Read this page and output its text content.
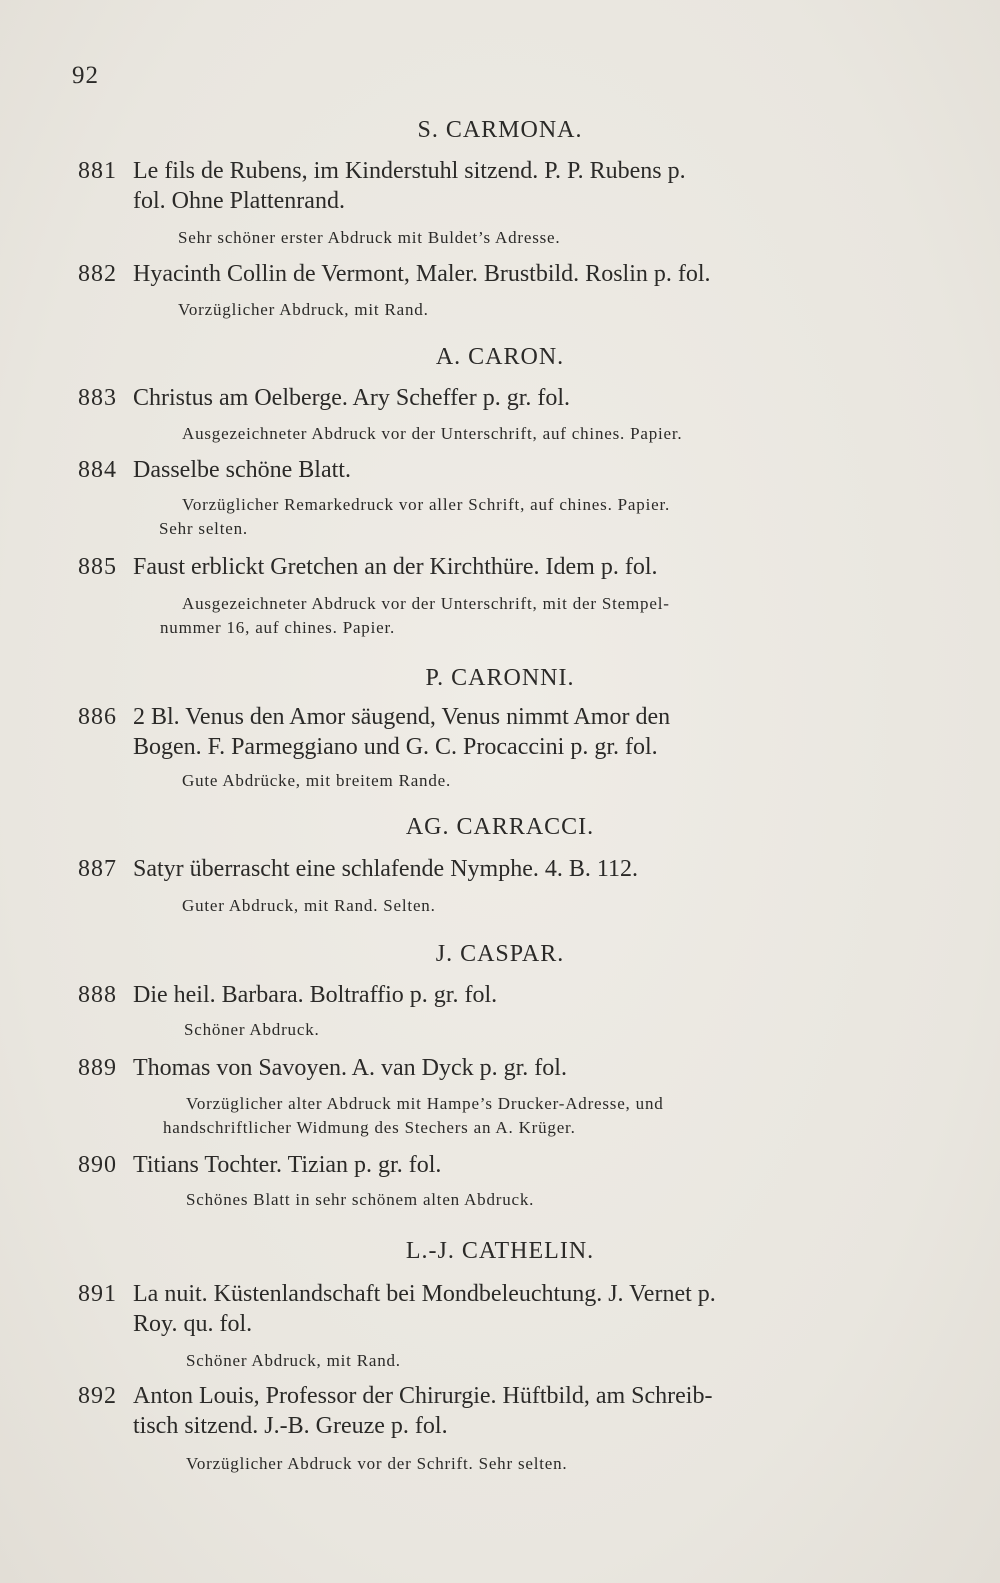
92
S. CARMONA.
881 Le fils de Rubens, im Kinderstuhl sitzend. P. P. Rubens p.
fol. Ohne Plattenrand.
Sehr schöner erster Abdruck mit Buldet’s Adresse.
882 Hyacinth Collin de Vermont, Maler. Brustbild. Roslin p. fol.
Vorzüglicher Abdruck, mit Rand.
A. CARON.
883 Christus am Oelberge. Ary Scheffer p. gr. fol.
Ausgezeichneter Abdruck vor der Unterschrift, auf chines. Papier.
884 Dasselbe schöne Blatt.
Vorzüglicher Remarkedruck vor aller Schrift, auf chines. Papier.
Sehr selten.
885 Faust erblickt Gretchen an der Kirchthüre. Idem p. fol.
Ausgezeichneter Abdruck vor der Unterschrift, mit der Stempel-
nummer 16, auf chines. Papier.
P. CARONNI.
886 2 Bl. Venus den Amor säugend, Venus nimmt Amor den
Bogen. F. Parmeggiano und G. C. Procaccini p. gr. fol.
Gute Abdrücke, mit breitem Rande.
AG. CARRACCI.
887 Satyr überrascht eine schlafende Nymphe. 4. B. 112.
Guter Abdruck, mit Rand. Selten.
J. CASPAR.
888 Die heil. Barbara. Boltraffio p. gr. fol.
Schöner Abdruck.
889 Thomas von Savoyen. A. van Dyck p. gr. fol.
Vorzüglicher alter Abdruck mit Hampe’s Drucker-Adresse, und
handschriftlicher Widmung des Stechers an A. Krüger.
890 Titians Tochter. Tizian p. gr. fol.
Schönes Blatt in sehr schönem alten Abdruck.
L.-J. CATHELIN.
891 La nuit. Küstenlandschaft bei Mondbeleuchtung. J. Vernet p.
Roy. qu. fol.
Schöner Abdruck, mit Rand.
892 Anton Louis, Professor der Chirurgie. Hüftbild, am Schreib-
tisch sitzend. J.-B. Greuze p. fol.
Vorzüglicher Abdruck vor der Schrift. Sehr selten.
